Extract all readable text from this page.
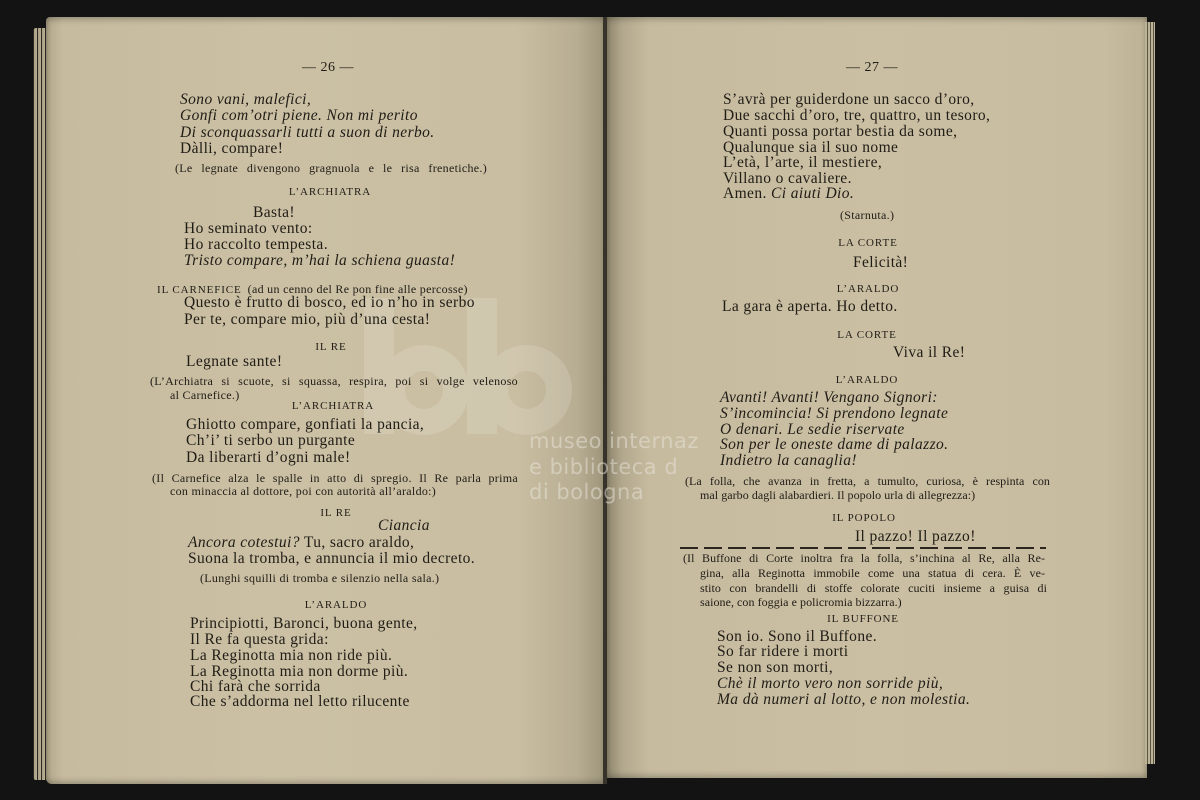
museo internaz
e biblioteca d
di bologna
— 26 —
Sono vani, malefici,
Gonfi com’otri piene. Non mi perito
Di sconquassarli tutti a suon di nerbo.
Dàlli, compare!
(Le legnate divengono gragnuola e le risa frenetiche.)
L’ARCHIATRA
Basta!
Ho seminato vento:
Ho raccolto tempesta.
Tristo compare, m’hai la schiena guasta!
IL CARNEFICE (ad un cenno del Re pon fine alle percosse)
Questo è frutto di bosco, ed io n’ho in serbo
Per te, compare mio, più d’una cesta!
IL RE
Legnate sante!
(L’Archiatra si scuote, si squassa, respira, poi si volge velenoso
al Carnefice.)
L’ARCHIATRA
Ghiotto compare, gonfiati la pancia,
Ch’i’ ti serbo un purgante
Da liberarti d’ogni male!
(Il Carnefice alza le spalle in atto di spregio. Il Re parla prima
con minaccia al dottore, poi con autorità all’araldo:)
IL RE
Ciancia
Ancora cotestui? Tu, sacro araldo,
Suona la tromba, e annuncia il mio decreto.
(Lunghi squilli di tromba e silenzio nella sala.)
L’ARALDO
Principiotti, Baronci, buona gente,
Il Re fa questa grida:
La Reginotta mia non ride più.
La Reginotta mia non dorme più.
Chi farà che sorrida
Che s’addorma nel letto rilucente
— 27 —
S’avrà per guiderdone un sacco d’oro,
Due sacchi d’oro, tre, quattro, un tesoro,
Quanti possa portar bestia da some,
Qualunque sia il suo nome
L’età, l’arte, il mestiere,
Villano o cavaliere.
Amen. Ci aiuti Dio.
(Starnuta.)
LA CORTE
Felicità!
L’ARALDO
La gara è aperta. Ho detto.
LA CORTE
Viva il Re!
L’ARALDO
Avanti! Avanti! Vengano Signori:
S’incomincia! Si prendono legnate
O denari. Le sedie riservate
Son per le oneste dame di palazzo.
Indietro la canaglia!
(La folla, che avanza in fretta, a tumulto, curiosa, è respinta con
mal garbo dagli alabardieri. Il popolo urla di allegrezza:)
IL POPOLO
Il pazzo! Il pazzo!
(Il Buffone di Corte inoltra fra la folla, s’inchina al Re, alla Re-
gina, alla Reginotta immobile come una statua di cera. È ve-
stito con brandelli di stoffe colorate cuciti insieme a guisa di
saione, con foggia e policromia bizzarra.)
IL BUFFONE
Son io. Sono il Buffone.
So far ridere i morti
Se non son morti,
Chè il morto vero non sorride più,
Ma dà numeri al lotto, e non molestia.
